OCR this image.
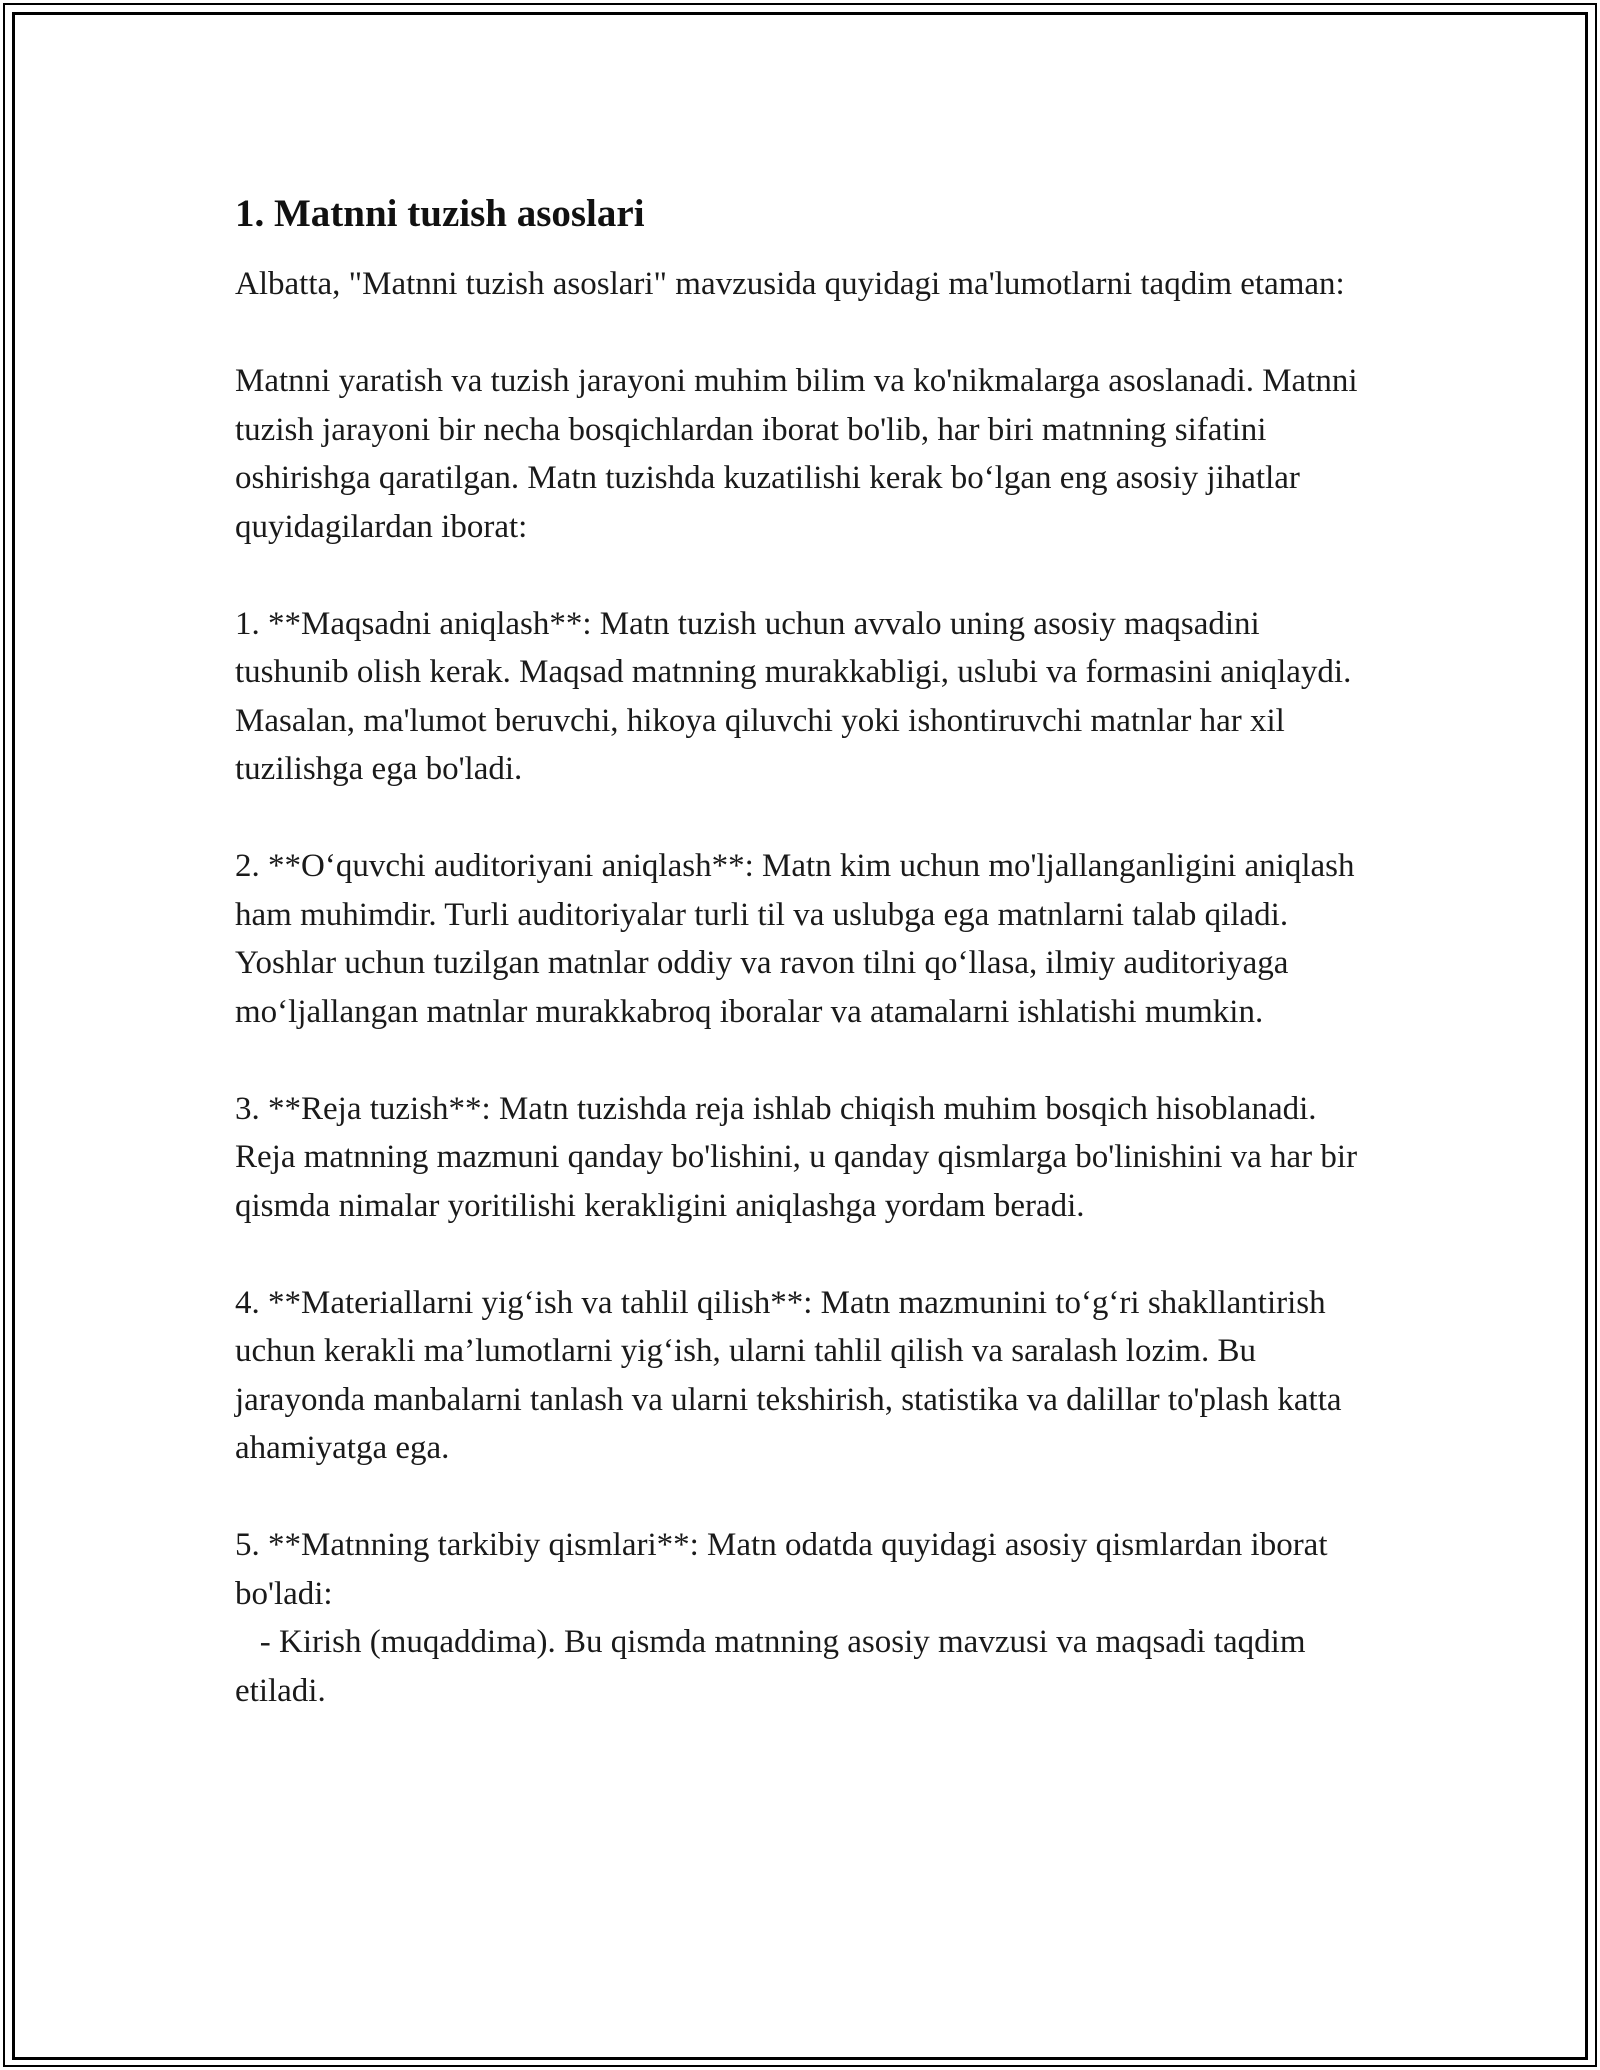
1. Matnni tuzish asoslari

Albatta, "Matnni tuzish asoslari" mavzusida quyidagi ma'lumotlarni taqdim etaman:

Matnni yaratish va tuzish jarayoni muhim bilim va ko'nikmalarga asoslanadi. Matnni tuzish jarayoni bir necha bosqichlardan iborat bo'lib, har biri matnning sifatini oshirishga qaratilgan. Matn tuzishda kuzatilishi kerak bo‘lgan eng asosiy jihatlar quyidagilardan iborat:

1. **Maqsadni aniqlash**: Matn tuzish uchun avvalo uning asosiy maqsadini tushunib olish kerak. Maqsad matnning murakkabligi, uslubi va formasini aniqlaydi. Masalan, ma'lumot beruvchi, hikoya qiluvchi yoki ishontiruvchi matnlar har xil tuzilishga ega bo'ladi.

2. **O‘quvchi auditoriyani aniqlash**: Matn kim uchun mo'ljallanganligini aniqlash ham muhimdir. Turli auditoriyalar turli til va uslubga ega matnlarni talab qiladi. Yoshlar uchun tuzilgan matnlar oddiy va ravon tilni qo‘llasa, ilmiy auditoriyaga mo‘ljallangan matnlar murakkabroq iboralar va atamalarni ishlatishi mumkin.

3. **Reja tuzish**: Matn tuzishda reja ishlab chiqish muhim bosqich hisoblanadi. Reja matnning mazmuni qanday bo'lishini, u qanday qismlarga bo'linishini va har bir qismda nimalar yoritilishi kerakligini aniqlashga yordam beradi.

4. **Materiallarni yig‘ish va tahlil qilish**: Matn mazmunini to‘g‘ri shakllantirish uchun kerakli ma’lumotlarni yig‘ish, ularni tahlil qilish va saralash lozim. Bu jarayonda manbalarni tanlash va ularni tekshirish, statistika va dalillar to'plash katta ahamiyatga ega.

5. **Matnning tarkibiy qismlari**: Matn odatda quyidagi asosiy qismlardan iborat bo'ladi:

- Kirish (muqaddima). Bu qismda matnning asosiy mavzusi va maqsadi taqdim etiladi.
